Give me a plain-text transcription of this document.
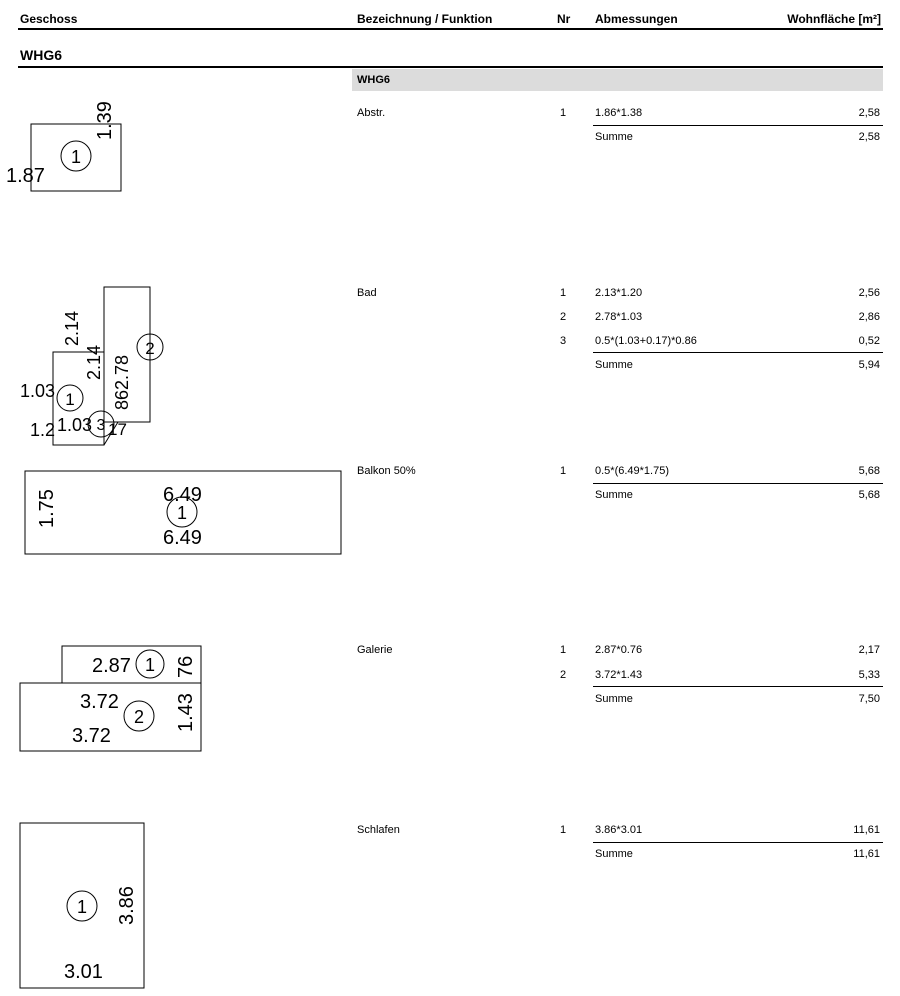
Geschoss	Bezeichnung / Funktion	Nr Abmessungen	Wohnfläche [m²]
WHG6
WHG6
Abstr.	1	1.86*1.38	2,58
Summe	2,58
1.87
1.39
1
Bad	1	2.13*1.20	2,56
2	2.78*1.03	2,86
3	0.5*(1.03+0.17)*0.86	0,52
Summe	5,94
2.14
2.14 862.78
1.03
1.2 1.03 17
1
2
3
Balkon 50%	1	0.5*(6.49*1.75)	5,68
Summe	5,68
1.75	6.49
1
6.49
Galerie	1	2.87*0.76	2,17
2	3.72*1.43	5,33
Summe	7,50
2.87 1 76
3.72
2 1.43
3.72
Schlafen	1	3.86*3.01	11,61
Summe	11,61
1 3.86
3.01
